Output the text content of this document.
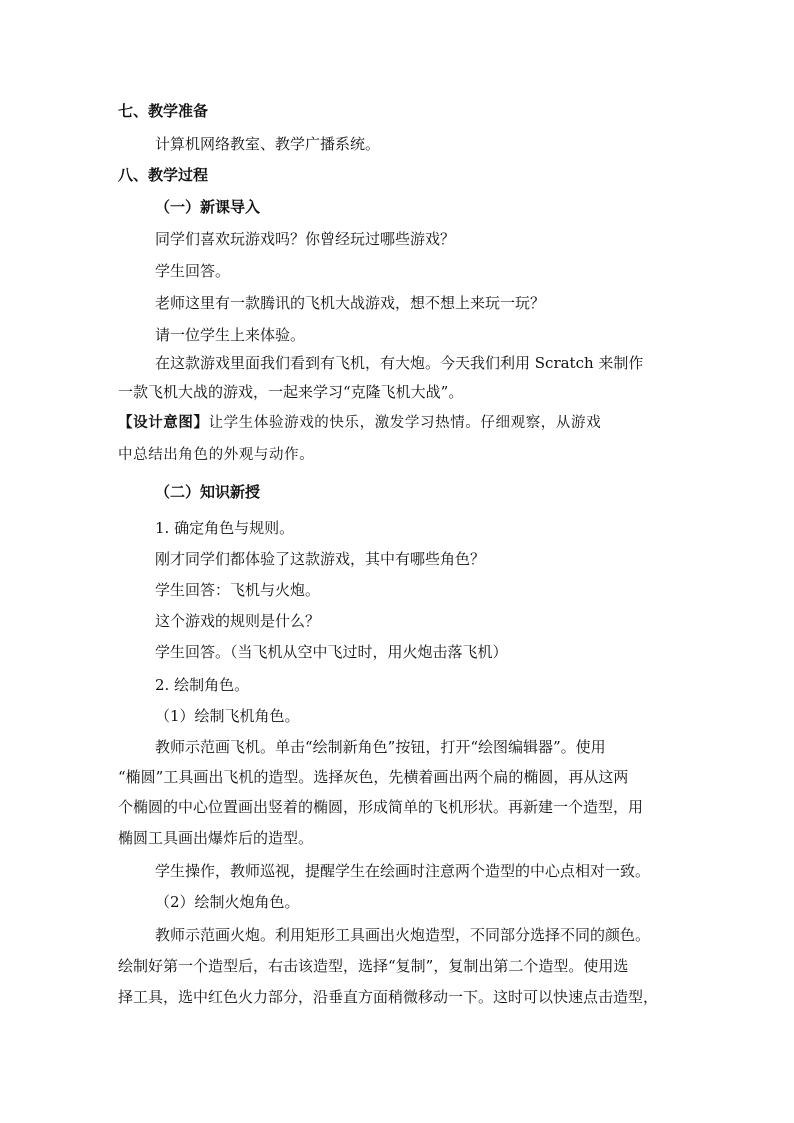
七、教学准备
计算机网络教室、教学广播系统。
八、教学过程
（一）新课导入
同学们喜欢玩游戏吗？你曾经玩过哪些游戏？
学生回答。
老师这里有一款腾讯的飞机大战游戏，想不想上来玩一玩？
请一位学生上来体验。
在这款游戏里面我们看到有飞机，有大炮。今天我们利用 Scratch 来制作
一款飞机大战的游戏，一起来学习“克隆飞机大战”。
【设计意图】让学生体验游戏的快乐，激发学习热情。仔细观察，从游戏
中总结出角色的外观与动作。
（二）知识新授
1. 确定角色与规则。
刚才同学们都体验了这款游戏，其中有哪些角色？
学生回答：飞机与火炮。
这个游戏的规则是什么？
学生回答。（当飞机从空中飞过时，用火炮击落飞机）
2. 绘制角色。
（1）绘制飞机角色。
教师示范画飞机。单击“绘制新角色”按钮，打开“绘图编辑器”。使用
“椭圆”工具画出飞机的造型。选择灰色，先横着画出两个扁的椭圆，再从这两
个椭圆的中心位置画出竖着的椭圆，形成简单的飞机形状。再新建一个造型，用
椭圆工具画出爆炸后的造型。
学生操作，教师巡视，提醒学生在绘画时注意两个造型的中心点相对一致。
（2）绘制火炮角色。
教师示范画火炮。利用矩形工具画出火炮造型，不同部分选择不同的颜色。
绘制好第一个造型后，右击该造型，选择“复制”，复制出第二个造型。使用选
择工具，选中红色火力部分，沿垂直方面稍微移动一下。这时可以快速点击造型，
